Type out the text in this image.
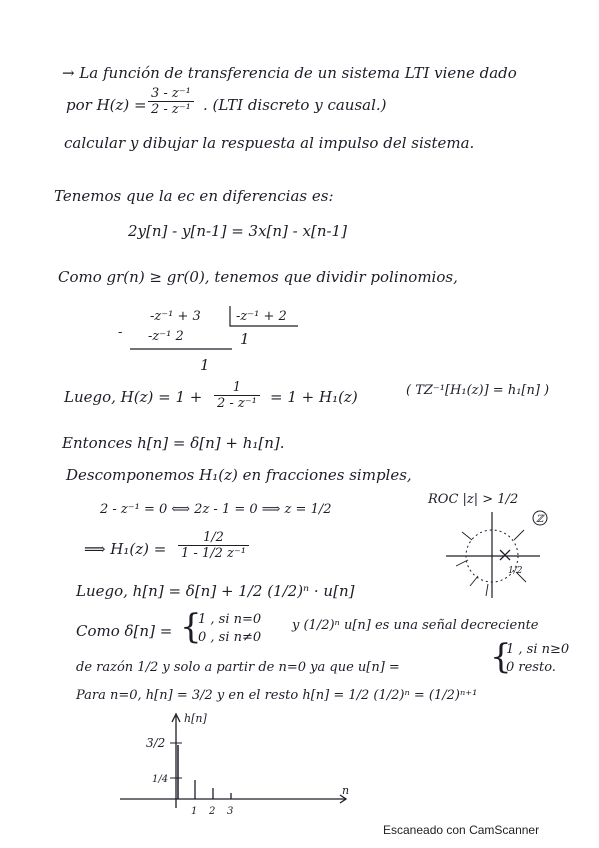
→ La función de transferencia de un sistema LTI viene dado
por $H(z) = \frac{\text{3 - z⁻¹}}{\text{2 - z⁻¹}}$ . (LTI discreto y causal.)
calcular y dibujar la respuesta al impulso del sistema.
Tenemos que la ec en diferencias es:
2y[n] - y[n-1] = 3x[n] - x[n-1]
Como gr(n) ≥ gr(0), tenemos que dividir polinomios,
-z⁻¹ + 3	-z⁻¹ + 2
- -z⁻¹ 2	1
1
Luego, $H(z) = 1 + \frac{1}{\text{2 - z⁻¹}} = 1 + H_1(z)$	( TZ⁻¹[H₁(z)] = h₁[n] )
Entonces h[n] = δ[n] + h₁[n].
Descomponemos H₁(z) en fracciones simples,
2 - z⁻¹ = 0 ⟺ 2z - 1 = 0 ⟹ z = 1/2
ROC |z| > 1/2
⟹ $H_1(z) = \frac{1/2}{\text{1 - 1/2 z⁻¹}}$
ℤ
1/2
Luego, h[n] = δ[n] + 1/2 (1/2)ⁿ · u[n]
Como δ[n] = {
1 , si n=0
0 , si n≠0
y (1/2)ⁿ u[n] es una señal decreciente
de razón 1/2 y solo a partir de n=0 ya que u[n] =	{
1 , si n≥0
0 resto.
Para n=0, h[n] = 3/2 y en el resto h[n] = 1/2 (1/2)ⁿ = (1/2)ⁿ⁺¹
h[n]
n
3/2
1/4
1 2 3
Escaneado con CamScanner
